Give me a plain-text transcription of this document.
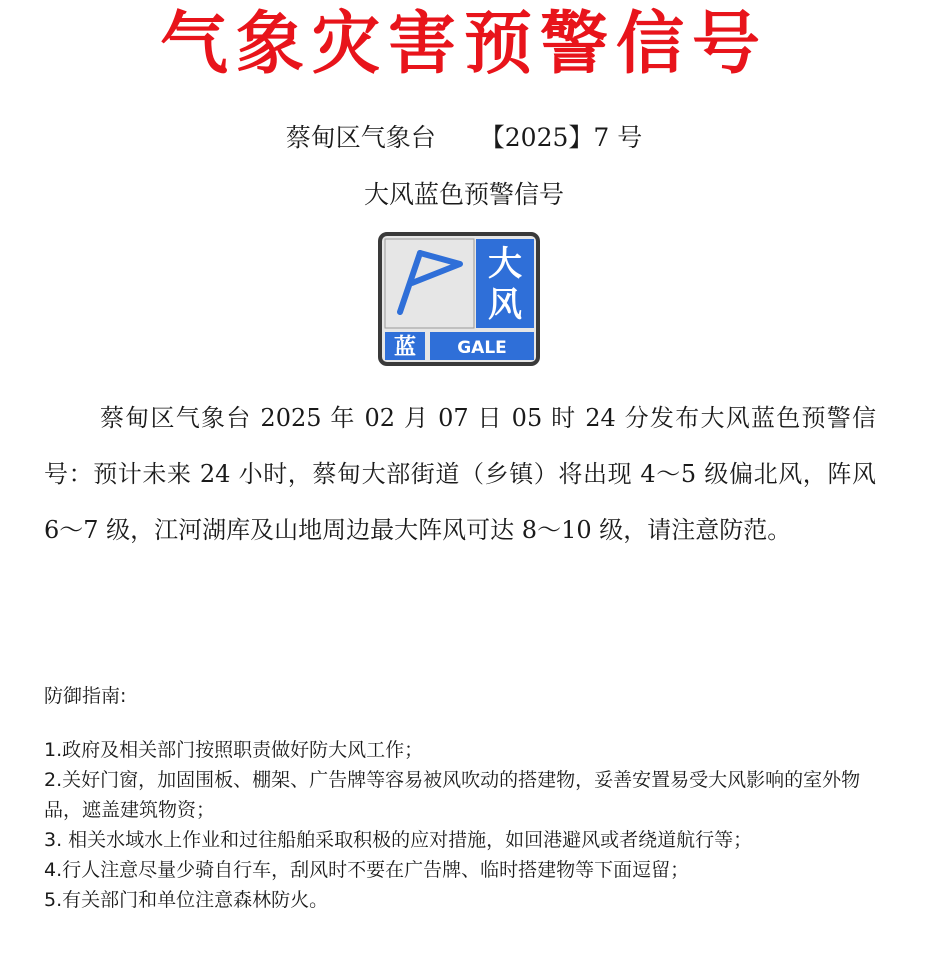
气象灾害预警信号
蔡甸区气象台 【2025】7 号
大风蓝色预警信号
大
风
蓝 GALE
蔡甸区气象台 2025 年 02 月 07 日 05 时 24 分发布大风蓝色预警信号：预计未来 24 小时，蔡甸大部街道（乡镇）将出现 4～5 级偏北风，阵风 6～7 级，江河湖库及山地周边最大阵风可达 8～10 级，请注意防范。
防御指南:
1.政府及相关部门按照职责做好防大风工作；
2.关好门窗，加固围板、棚架、广告牌等容易被风吹动的搭建物，妥善安置易受大风影响的室外物品，遮盖建筑物资；
3. 相关水域水上作业和过往船舶采取积极的应对措施，如回港避风或者绕道航行等；
4.行人注意尽量少骑自行车，刮风时不要在广告牌、临时搭建物等下面逗留；
5.有关部门和单位注意森林防火。
